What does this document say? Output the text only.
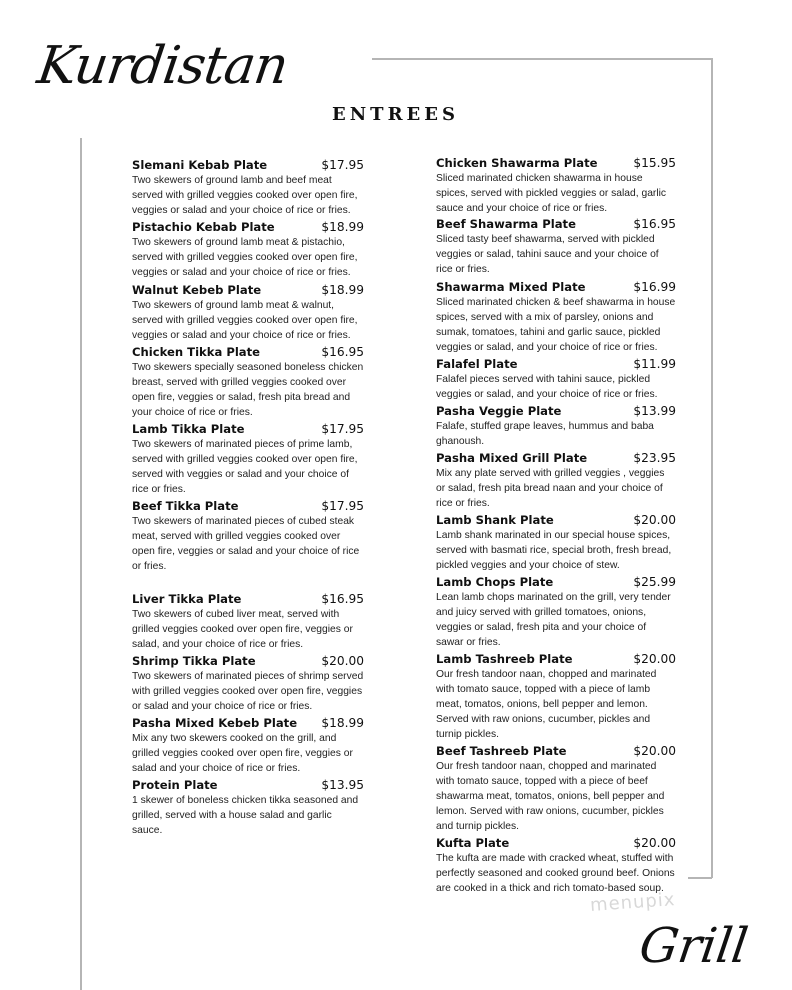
Kurdistan
ENTREES
menupix
Grill
Slemani Kebab Plate	$17.95
Two skewers of ground lamb and beef meat served with grilled veggies cooked over open fire, veggies or salad and your choice of rice or fries.
Pistachio Kebab Plate	$18.99
Two skewers of ground lamb meat & pistachio, served with grilled veggies cooked over open fire, veggies or salad and your choice of rice or fries.
Walnut Kebeb Plate	$18.99
Two skewers of ground lamb meat & walnut, served with grilled veggies cooked over open fire, veggies or salad and your choice of rice or fries.
Chicken Tikka Plate	$16.95
Two skewers specially seasoned boneless chicken breast, served with grilled veggies cooked over open fire, veggies or salad, fresh pita bread and your choice of rice or fries.
Lamb Tikka Plate	$17.95
Two skewers of marinated pieces of prime lamb, served with grilled veggies cooked over open fire, served with veggies or salad and your choice of rice or fries.
Beef Tikka Plate	$17.95
Two skewers of marinated pieces of cubed steak meat, served with grilled veggies cooked over open fire, veggies or salad and your choice of rice or fries.
Liver Tikka Plate	$16.95
Two skewers of cubed liver meat, served with grilled veggies cooked over open fire, veggies or salad, and your choice of rice or fries.
Shrimp Tikka Plate	$20.00
Two skewers of marinated pieces of shrimp served with grilled veggies cooked over open fire, veggies or salad and your choice of rice or fries.
Pasha Mixed Kebeb Plate $18.99
Mix any two skewers cooked on the grill, and grilled veggies cooked over open fire, veggies or salad and your choice of rice or fries.
Protein Plate	$13.95
1 skewer of boneless chicken tikka seasoned and grilled, served with a house salad and garlic sauce.
Chicken Shawarma Plate	$15.95
Sliced marinated chicken shawarma in house spices, served with pickled veggies or salad, garlic sauce and your choice of rice or fries.
Beef Shawarma Plate	$16.95
Sliced tasty beef shawarma, served with pickled veggies or salad, tahini sauce and your choice of rice or fries.
Shawarma Mixed Plate	$16.99
Sliced marinated chicken & beef shawarma in house spices, served with a mix of parsley, onions and sumak, tomatoes, tahini and garlic sauce, pickled veggies or salad, and your choice of rice or fries.
Falafel Plate	$11.99
Falafel pieces served with tahini sauce, pickled veggies or salad, and your choice of rice or fries.
Pasha Veggie Plate	$13.99
Falafe, stuffed grape leaves, hummus and baba ghanoush.
Pasha Mixed Grill Plate	$23.95
Mix any plate served with grilled veggies , veggies or salad, fresh pita bread naan and your choice of rice or fries.
Lamb Shank Plate	$20.00
Lamb shank marinated in our special house spices, served with basmati rice, special broth, fresh bread, pickled veggies and your choice of stew.
Lamb Chops Plate	$25.99
Lean lamb chops marinated on the grill, very tender and juicy served with grilled tomatoes, onions, veggies or salad, fresh pita and your choice of sawar or fries.
Lamb Tashreeb Plate	$20.00
Our fresh tandoor naan, chopped and marinated with tomato sauce, topped with a piece of lamb meat, tomatos, onions, bell pepper and lemon. Served with raw onions, cucumber, pickles and turnip pickles.
Beef Tashreeb Plate	$20.00
Our fresh tandoor naan, chopped and marinated with tomato sauce, topped with a piece of beef shawarma meat, tomatos, onions, bell pepper and lemon. Served with raw onions, cucumber, pickles and turnip pickles.
Kufta Plate	$20.00
The kufta are made with cracked wheat, stuffed with perfectly seasoned and cooked ground beef. Onions are cooked in a thick and rich tomato-based soup.
